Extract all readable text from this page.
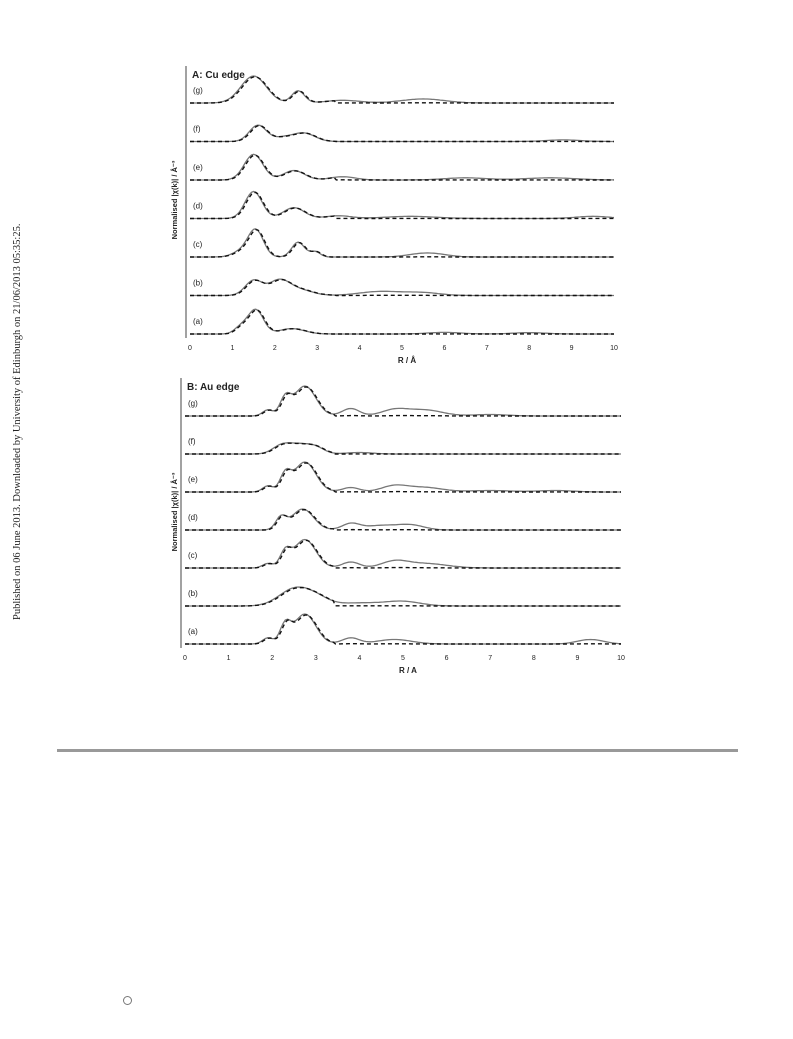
Published on 06 June 2013. Downloaded by University of Edinburgh on 21/06/2013 05:35:25.
A: Cu edge
Normalised |χ(k)| / Å⁻³
0	1	2	3	4	5	6	7	8	9	10
R / Å
(a)
(b)
(c)
(d)
(e)
(f)
(g)
B: Au edge
Normalised |χ(k)| / Å⁻³
0	1	2	3	4	5	6	7	8	9	10
R / A
(a)
(b)
(c)
(d)
(e)
(f)
(g)
